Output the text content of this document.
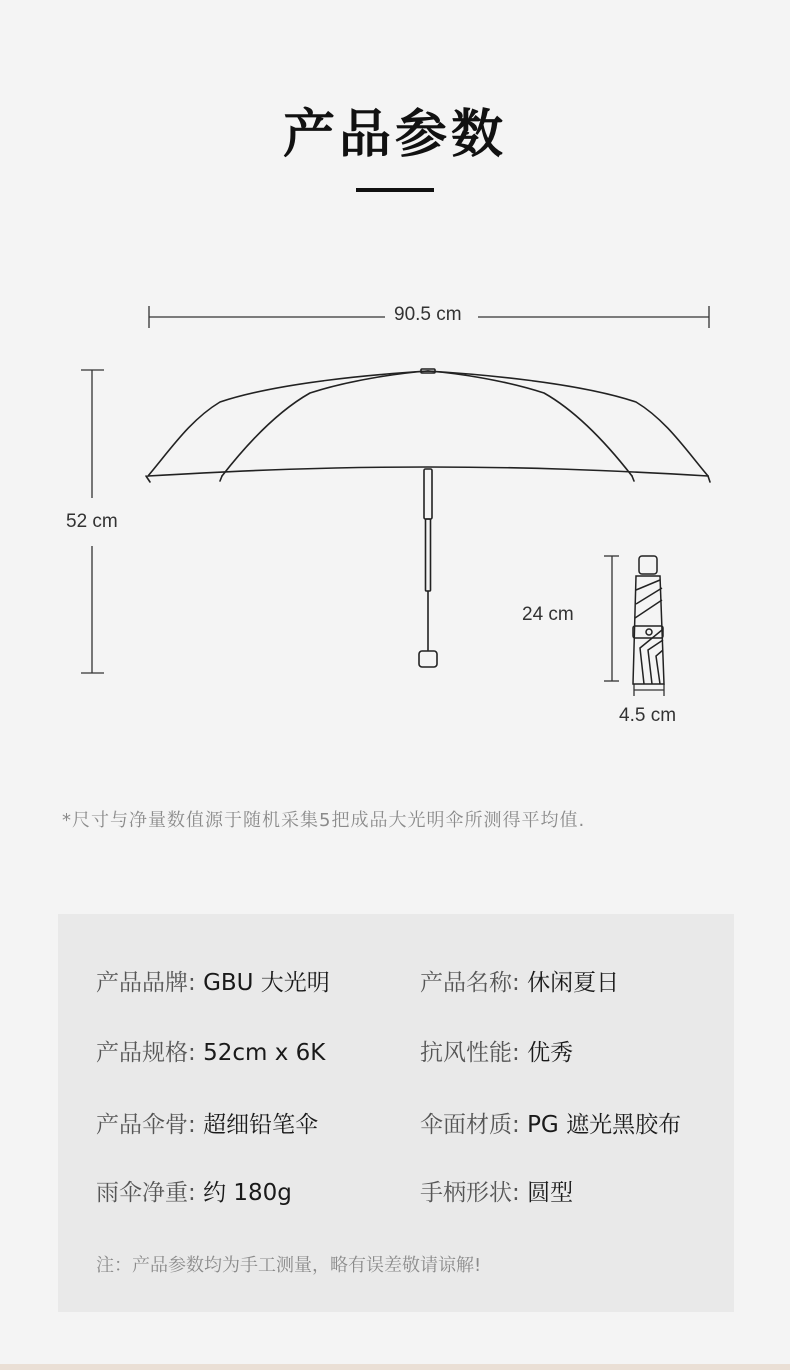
产品参数
90.5 cm
52 cm
24 cm
4.5 cm
*尺寸与净量数值源于随机采集5把成品大光明伞所测得平均值.
产品品牌: GBU 大光明	产品名称: 休闲夏日
产品规格: 52cm x 6K	抗风性能: 优秀
产品伞骨: 超细铅笔伞	伞面材质: PG 遮光黑胶布
雨伞净重: 约 180g	手柄形状: 圆型
注：产品参数均为手工测量，略有误差敬请谅解!
